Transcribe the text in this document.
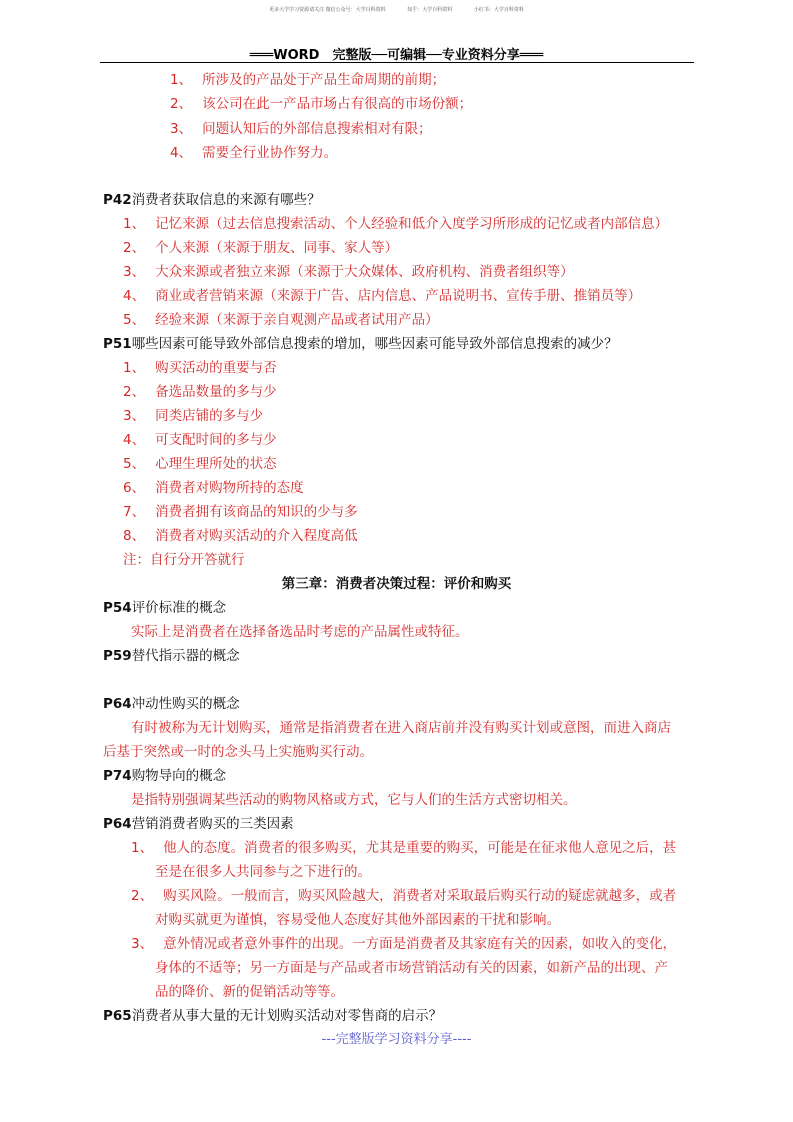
更多大学学习资源请关注 微信公众号：大学百科资料	知乎：大学百科资料	小红书：大学百科资料
═══WORD　完整版──可编辑──专业资料分享═══
1、 所涉及的产品处于产品生命周期的前期；
2、 该公司在此一产品市场占有很高的市场份额；
3、 问题认知后的外部信息搜索相对有限；
4、 需要全行业协作努力。
P42消费者获取信息的来源有哪些？
1、 记忆来源（过去信息搜索活动、个人经验和低介入度学习所形成的记忆或者内部信息）
2、 个人来源（来源于朋友、同事、家人等）
3、 大众来源或者独立来源（来源于大众媒体、政府机构、消费者组织等）
4、 商业或者营销来源（来源于广告、店内信息、产品说明书、宣传手册、推销员等）
5、 经验来源（来源于亲自观测产品或者试用产品）
P51哪些因素可能导致外部信息搜索的增加，哪些因素可能导致外部信息搜索的减少？
1、 购买活动的重要与否
2、 备选品数量的多与少
3、 同类店铺的多与少
4、 可支配时间的多与少
5、 心理生理所处的状态
6、 消费者对购物所持的态度
7、 消费者拥有该商品的知识的少与多
8、 消费者对购买活动的介入程度高低
注：自行分开答就行
第三章：消费者决策过程：评价和购买
P54评价标准的概念
实际上是消费者在选择备选品时考虑的产品属性或特征。
P59替代指示器的概念
P64冲动性购买的概念
有时被称为无计划购买，通常是指消费者在进入商店前并没有购买计划或意图，而进入商店
后基于突然或一时的念头马上实施购买行动。
P74购物导向的概念
是指特别强调某些活动的购物风格或方式，它与人们的生活方式密切相关。
P64营销消费者购买的三类因素
1、 他人的态度。消费者的很多购买，尤其是重要的购买，可能是在征求他人意见之后，甚
至是在很多人共同参与之下进行的。
2、 购买风险。一般而言，购买风险越大，消费者对采取最后购买行动的疑虑就越多，或者
对购买就更为谨慎，容易受他人态度好其他外部因素的干扰和影响。
3、 意外情况或者意外事件的出现。一方面是消费者及其家庭有关的因素，如收入的变化，
身体的不适等；另一方面是与产品或者市场营销活动有关的因素，如新产品的出现、产
品的降价、新的促销活动等等。
P65消费者从事大量的无计划购买活动对零售商的启示？
---完整版学习资料分享----
